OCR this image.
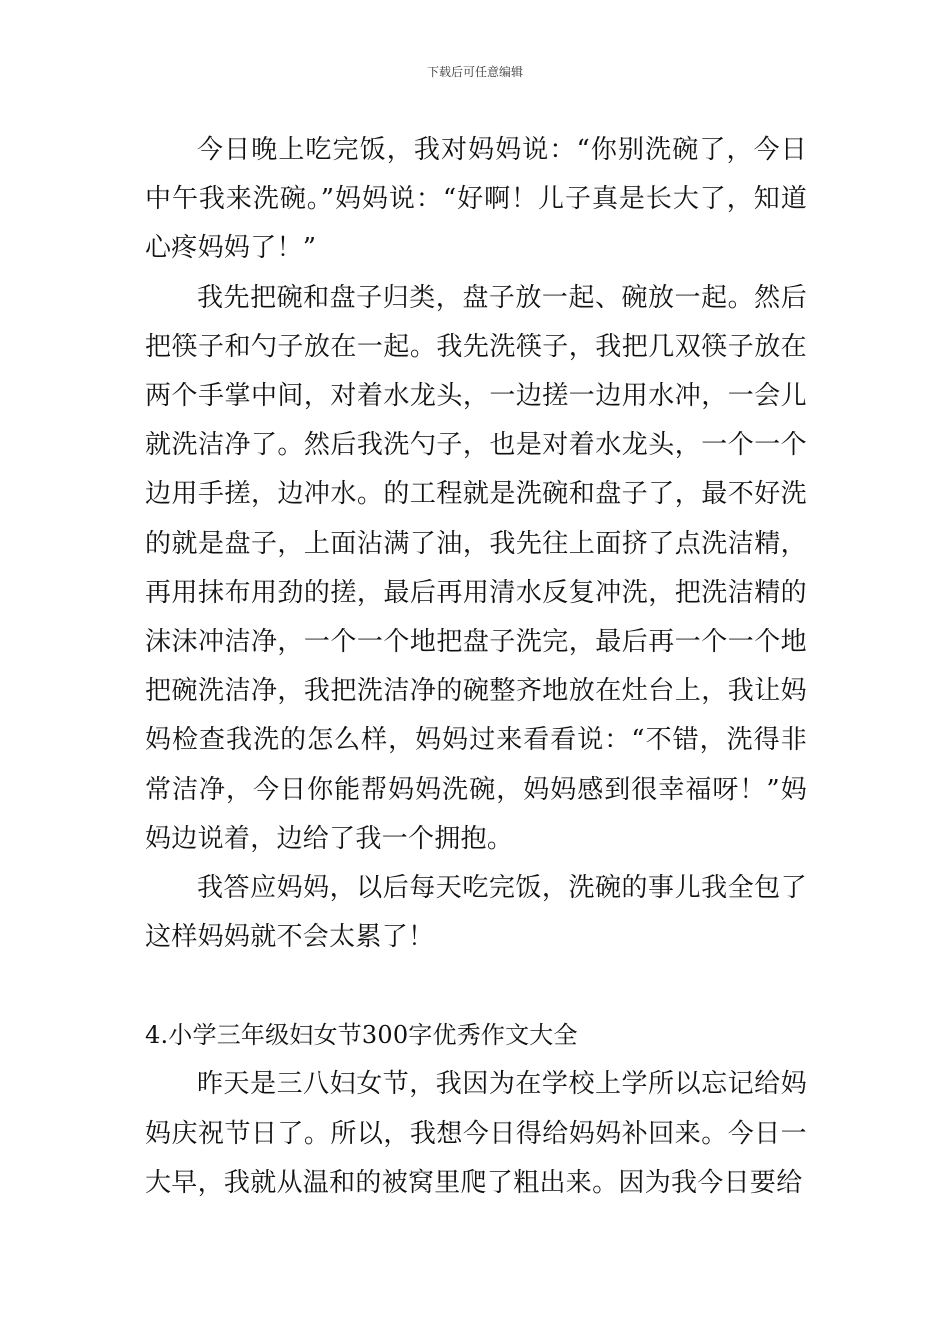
下载后可任意编辑

今日晚上吃完饭，我对妈妈说：“你别洗碗了，今日中午我来洗碗。”妈妈说：“好啊！儿子真是长大了，知道心疼妈妈了！”

我先把碗和盘子归类，盘子放一起、碗放一起。然后把筷子和勺子放在一起。我先洗筷子，我把几双筷子放在两个手掌中间，对着水龙头，一边搓一边用水冲，一会儿就洗洁净了。然后我洗勺子，也是对着水龙头，一个一个边用手搓，边冲水。的工程就是洗碗和盘子了，最不好洗的就是盘子，上面沾满了油，我先往上面挤了点洗洁精，再用抹布用劲的搓，最后再用清水反复冲洗，把洗洁精的沫沫冲洁净，一个一个地把盘子洗完，最后再一个一个地把碗洗洁净，我把洗洁净的碗整齐地放在灶台上，我让妈妈检查我洗的怎么样，妈妈过来看看说：“不错，洗得非常洁净，今日你能帮妈妈洗碗，妈妈感到很幸福呀！”妈妈边说着，边给了我一个拥抱。

我答应妈妈，以后每天吃完饭，洗碗的事儿我全包了这样妈妈就不会太累了！

4.小学三年级妇女节300字优秀作文大全

昨天是三八妇女节，我因为在学校上学所以忘记给妈妈庆祝节日了。所以，我想今日得给妈妈补回来。今日一大早，我就从温和的被窝里爬了粗出来。因为我今日要给
